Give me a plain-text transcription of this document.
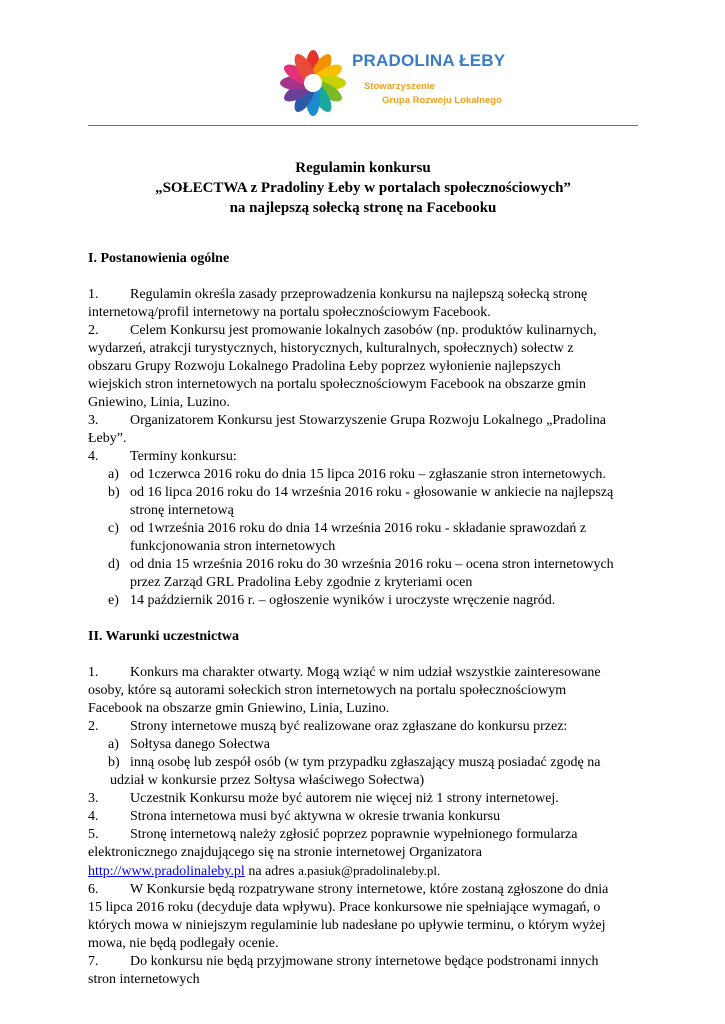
PRADOLINA ŁEBY
Stowarzyszenie
Grupa Rozwoju Lokalnego
Regulamin konkursu
„SOŁECTWA z Pradoliny Łeby w portalach społecznościowych”
na najlepszą sołecką stronę na Facebooku
I. Postanowienia ogólne

1. Regulamin określa zasady przeprowadzenia konkursu na najlepszą sołecką stronę

internetową/profil internetowy na portalu społecznościowym Facebook.

2. Celem Konkursu jest promowanie lokalnych zasobów (np. produktów kulinarnych,

wydarzeń, atrakcji turystycznych, historycznych, kulturalnych, społecznych) sołectw z

obszaru Grupy Rozwoju Lokalnego Pradolina Łeby poprzez wyłonienie najlepszych

wiejskich stron internetowych na portalu społecznościowym Facebook na obszarze gmin

Gniewino, Linia, Luzino.

3. Organizatorem Konkursu jest Stowarzyszenie Grupa Rozwoju Lokalnego „Pradolina

Łeby”.

4. Terminy konkursu:

a) od 1czerwca 2016 roku do dnia 15 lipca 2016 roku – zgłaszanie stron internetowych.
b) od 16 lipca 2016 roku do 14 września 2016 roku - głosowanie w ankiecie na najlepszą
stronę internetową
c) od 1września 2016 roku do dnia 14 września 2016 roku - składanie sprawozdań z
funkcjonowania stron internetowych
d) od dnia 15 września 2016 roku do 30 września 2016 roku – ocena stron internetowych
przez Zarząd GRL Pradolina Łeby zgodnie z kryteriami ocen
e) 14 październik 2016 r. – ogłoszenie wyników i uroczyste wręczenie nagród.
II. Warunki uczestnictwa

1. Konkurs ma charakter otwarty. Mogą wziąć w nim udział wszystkie zainteresowane

osoby, które są autorami sołeckich stron internetowych na portalu społecznościowym

Facebook na obszarze gmin Gniewino, Linia, Luzino.

2. Strony internetowe muszą być realizowane oraz zgłaszane do konkursu przez:

a) Sołtysa danego Sołectwa
b) inną osobę lub zespół osób (w tym przypadku zgłaszający muszą posiadać zgodę na
udział w konkursie przez Sołtysa właściwego Sołectwa)

3. Uczestnik Konkursu może być autorem nie więcej niż 1 strony internetowej.

4. Strona internetowa musi być aktywna w okresie trwania konkursu

5. Stronę internetową należy zgłosić poprzez poprawnie wypełnionego formularza

elektronicznego znajdującego się na stronie internetowej Organizatora

http://www.pradolinaleby.pl na adres a.pasiuk@pradolinaleby.pl.

6. W Konkursie będą rozpatrywane strony internetowe, które zostaną zgłoszone do dnia

15 lipca 2016 roku (decyduje data wpływu). Prace konkursowe nie spełniające wymagań, o

których mowa w niniejszym regulaminie lub nadesłane po upływie terminu, o którym wyżej

mowa, nie będą podlegały ocenie.

7. Do konkursu nie będą przyjmowane strony internetowe będące podstronami innych

stron internetowych
